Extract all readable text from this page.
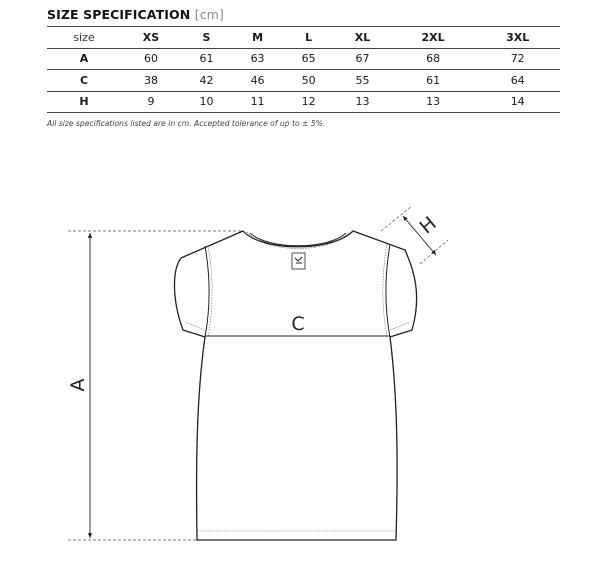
SIZE SPECIFICATION [cm]
size	XS	S	M	L	XL	2XL	3XL
A	60	61	63	65	67	68	72
C	38	42	46	50	55	61	64
H	9	10	11	12	13	13	14
All size specifications listed are in cm. Accepted tolerance of up to ± 5%.
C
A
H
